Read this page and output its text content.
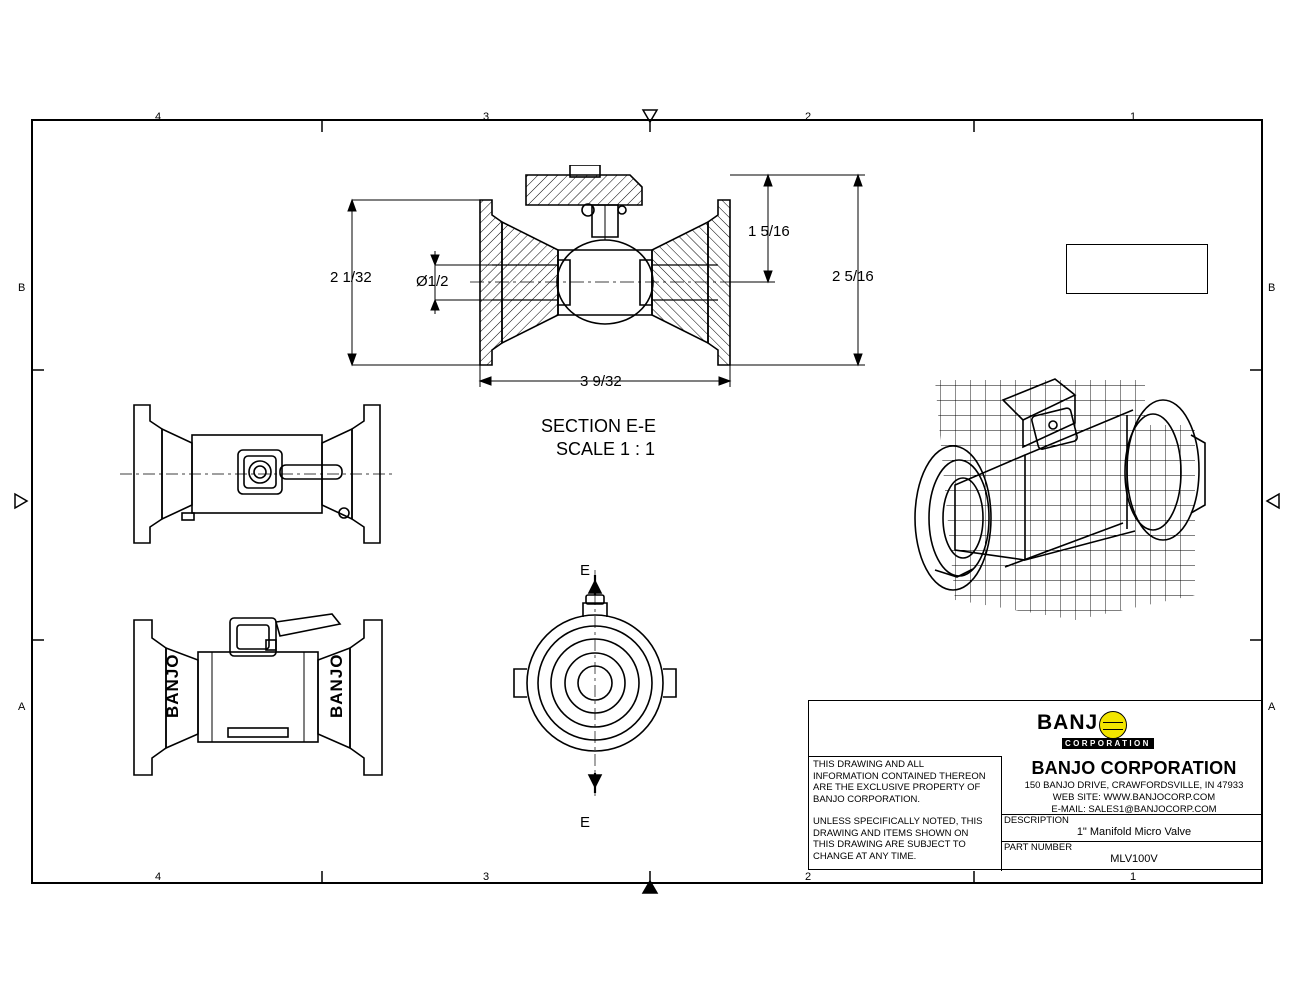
4	3	2	1
4	3	2	1
B
A
B
A
2 1/32	Ø1/2
1 5/16
2 5/16
3 9/32
SECTION E-E
SCALE 1 : 1
BANJO	BANJO
E
E
BANJ
CORPORATION
BANJO CORPORATION
150 BANJO DRIVE, CRAWFORDSVILLE, IN 47933
WEB SITE: WWW.BANJOCORP.COM
E-MAIL: SALES1@BANJOCORP.COM
THIS DRAWING AND ALL
INFORMATION CONTAINED THEREON
ARE THE EXCLUSIVE PROPERTY OF
BANJO CORPORATION.
UNLESS SPECIFICALLY NOTED, THIS
DRAWING AND ITEMS SHOWN ON
THIS DRAWING ARE SUBJECT TO
CHANGE AT ANY TIME.
DESCRIPTION
1" Manifold Micro Valve
PART NUMBER
MLV100V
